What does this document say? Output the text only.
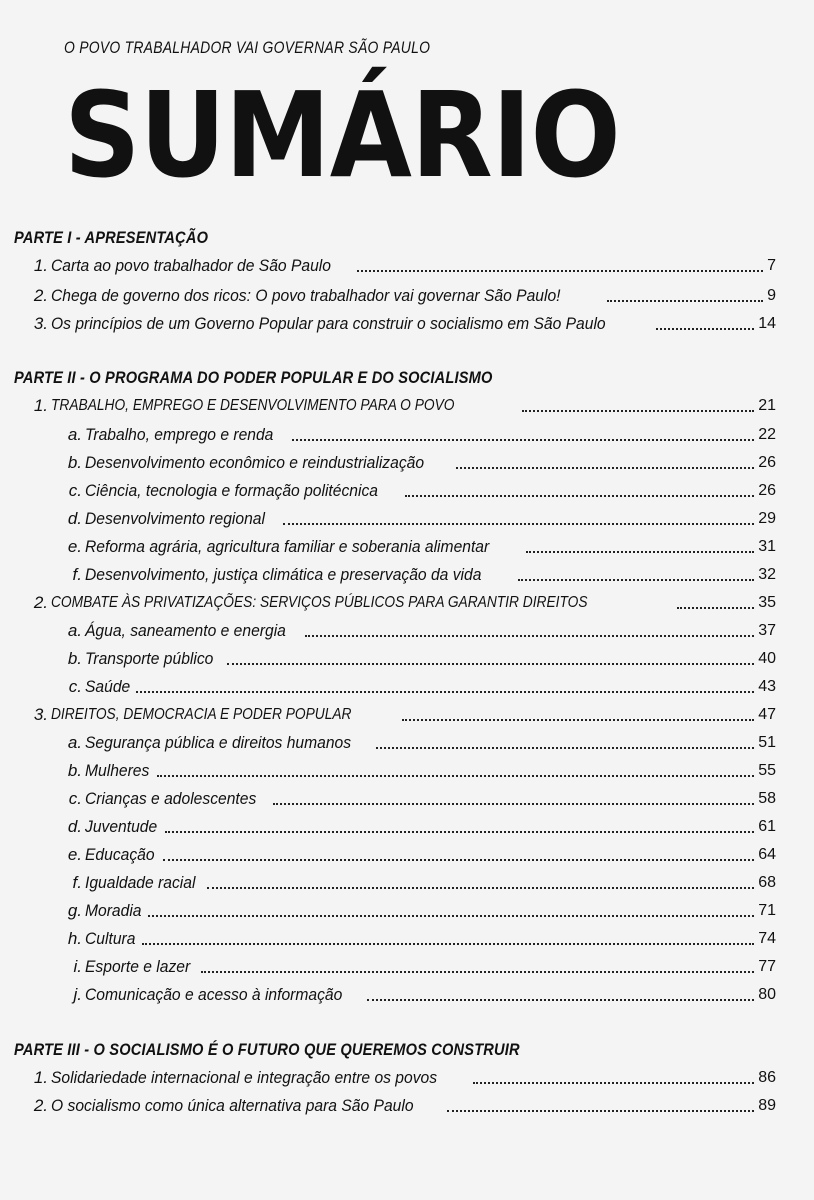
O POVO TRABALHADOR VAI GOVERNAR SÃO PAULO
SUMÁRIO
PARTE I - APRESENTAÇÃO
1. Carta ao povo trabalhador de São Paulo	7
2. Chega de governo dos ricos: O povo trabalhador vai governar São Paulo!	9
3. Os princípios de um Governo Popular para construir o socialismo em São Paulo	14
PARTE II - O PROGRAMA DO PODER POPULAR E DO SOCIALISMO
1. TRABALHO, EMPREGO E DESENVOLVIMENTO PARA O POVO	21
a. Trabalho, emprego e renda	22
b. Desenvolvimento econômico e reindustrialização	26
c. Ciência, tecnologia e formação politécnica	26
d. Desenvolvimento regional	29
e. Reforma agrária, agricultura familiar e soberania alimentar	31
f. Desenvolvimento, justiça climática e preservação da vida	32
2. COMBATE ÀS PRIVATIZAÇÕES: SERVIÇOS PÚBLICOS PARA GARANTIR DIREITOS	35
a. Água, saneamento e energia	37
b. Transporte público	40
c. Saúde	43
3. DIREITOS, DEMOCRACIA E PODER POPULAR	47
a. Segurança pública e direitos humanos	51
b. Mulheres	55
c. Crianças e adolescentes	58
d. Juventude	61
e. Educação	64
f. Igualdade racial	68
g. Moradia	71
h. Cultura	74
i. Esporte e lazer	77
j. Comunicação e acesso à informação	80
PARTE III - O SOCIALISMO É O FUTURO QUE QUEREMOS CONSTRUIR
1. Solidariedade internacional e integração entre os povos	86
2. O socialismo como única alternativa para São Paulo	89
